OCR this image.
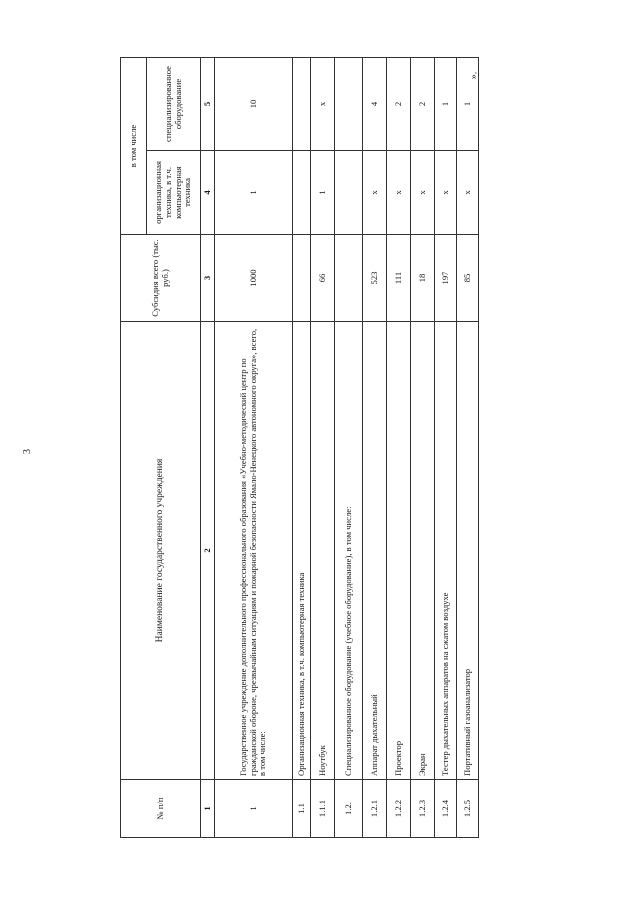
3
№ п/п	Наименование государственного учреждения	Субсидия всего (тыс. руб.)	в том числе	
			организационная техника, в т.ч. компьютерная техника	специализированное оборудование
1	2	3	4	5
1	Государственное учреждение дополнительного профессионального образования «Учебно-методический центр по гражданской обороне, чрезвычайным ситуациям и пожарной безопасности Ямало-Ненецкого автономного округа», всего, в том числе:	1000	1	10
1.1	Организационная техника, в т.ч. компьютерная техника			
1.1.1	Ноутбук	66	1	х
1.2.	Специализированное оборудование (учебное оборудование), в том числе:			
1.2.1	Аппарат дыхательный	523	х	4
1.2.2	Проектор	111	х	2
1.2.3	Экран	18	х	2
1.2.4	Тестер дыхательных аппаратов на сжатом воздухе	197	х	1
1.2.5	Портативный газоанализатор	85	х	1
».
